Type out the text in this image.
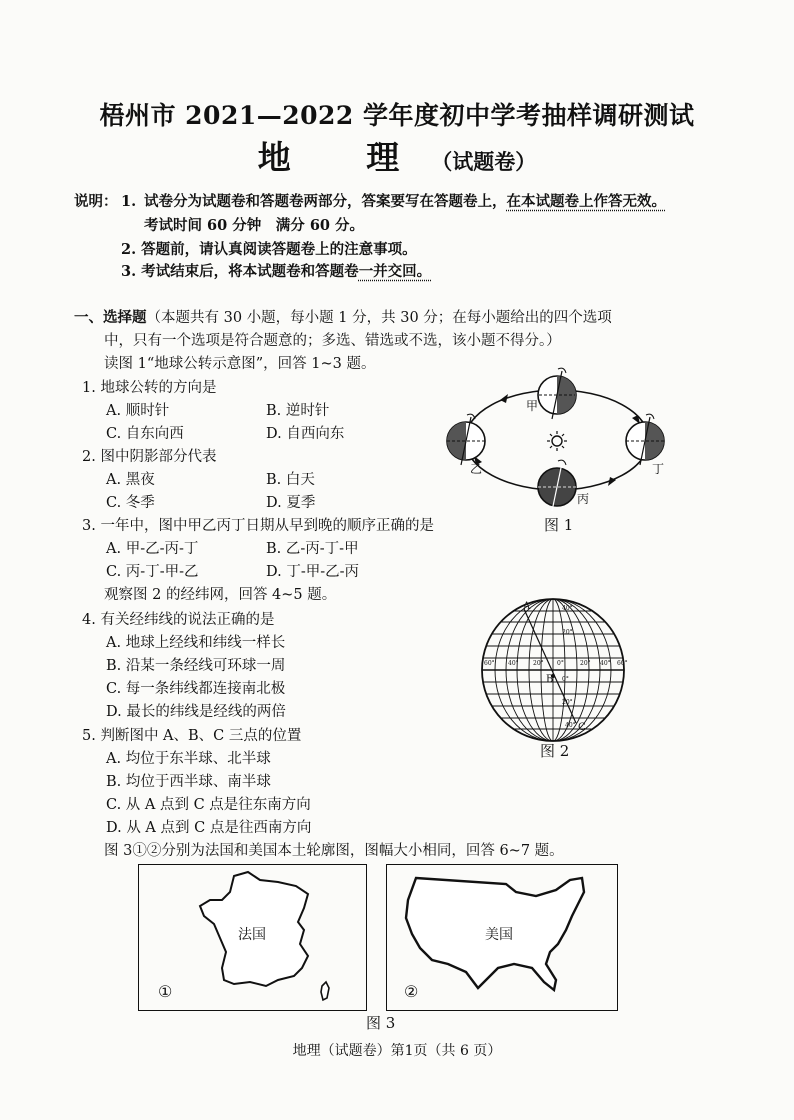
梧州市 2021—2022 学年度初中学考抽样调研测试
地 理（试题卷）
说明： 1. 试卷分为试题卷和答题卷两部分，答案要写在答题卷上，在本试题卷上作答无效。
考试时间 60 分钟　满分 60 分。
2. 答题前，请认真阅读答题卷上的注意事项。
3. 考试结束后，将本试题卷和答题卷一并交回。
一、选择题（本题共有 30 小题，每小题 1 分，共 30 分；在每小题给出的四个选项
中，只有一个选项是符合题意的；多选、错选或不选，该小题不得分。）
读图 1“地球公转示意图”，回答 1~3 题。
1. 地球公转的方向是
A. 顺时针	B. 逆时针
C. 自东向西	D. 自西向东
2. 图中阴影部分代表
A. 黑夜	B. 白天
C. 冬季	D. 夏季
3. 一年中，图中甲乙丙丁日期从早到晚的顺序正确的是
A. 甲-乙-丙-丁	B. 乙-丙-丁-甲
C. 丙-丁-甲-乙	D. 丁-甲-乙-丙
观察图 2 的经纬网，回答 4~5 题。
4. 有关经纬线的说法正确的是
A. 地球上经线和纬线一样长
B. 沿某一条经线可环球一周
C. 每一条纬线都连接南北极
D. 最长的纬线是经线的两倍
5. 判断图中 A、B、C 三点的位置
A. 均位于东半球、北半球
B. 均位于西半球、南半球
C. 从 A 点到 C 点是往东南方向
D. 从 A 点到 C 点是往西南方向
图 3①②分别为法国和美国本土轮廓图，图幅大小相同，回答 6~7 题。
甲
乙
丙
丁
图 1
A
B
C
40°
20°
0°
20°
40°
60° 40° 20° 0°	20° 40° 60°
图 2
法国
①
美国
②
图 3
地理（试题卷）第1页（共 6 页）
